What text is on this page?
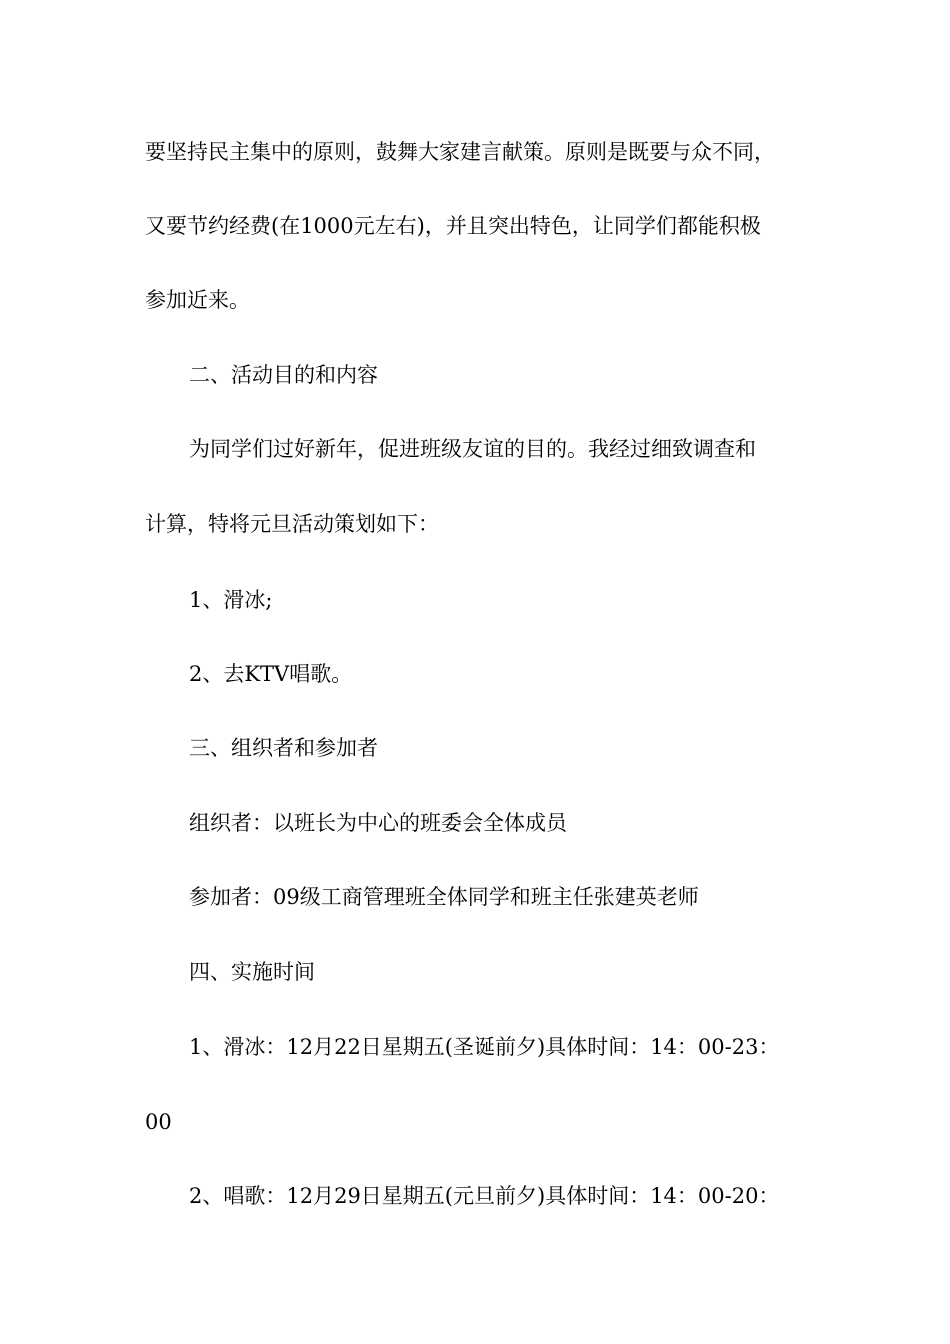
要坚持民主集中的原则，鼓舞大家建言献策。原则是既要与众不同，
又要节约经费(在1000元左右)，并且突出特色，让同学们都能积极
参加近来。
二、活动目的和内容
为同学们过好新年，促进班级友谊的目的。我经过细致调查和
计算，特将元旦活动策划如下：
1、滑冰;
2、去KTV唱歌。
三、组织者和参加者
组织者：以班长为中心的班委会全体成员
参加者：09级工商管理班全体同学和班主任张建英老师
四、实施时间
1、滑冰：12月22日星期五(圣诞前夕)具体时间：14：00-23：
00
2、唱歌：12月29日星期五(元旦前夕)具体时间：14：00-20：
